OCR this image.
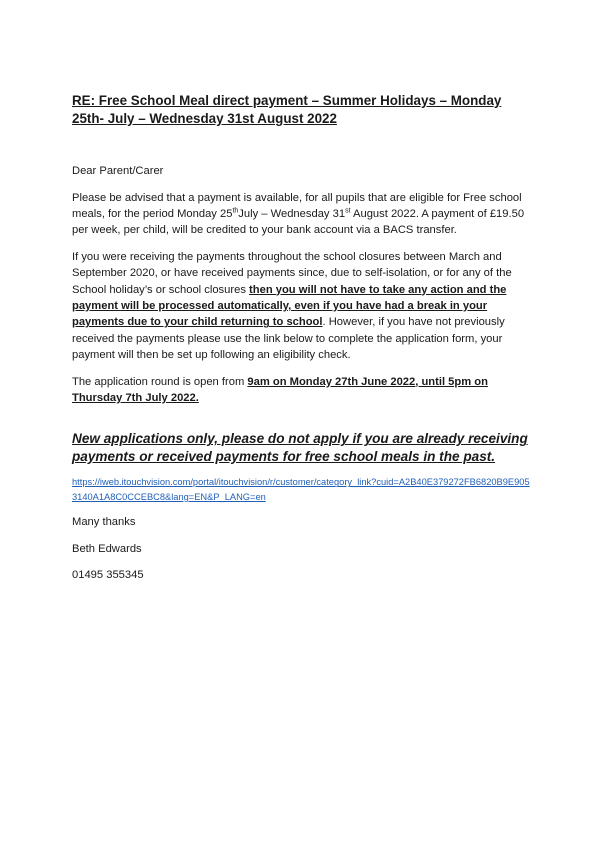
RE: Free School Meal direct payment – Summer Holidays – Monday 25th- July – Wednesday 31st August 2022

Dear Parent/Carer

Please be advised that a payment is available, for all pupils that are eligible for Free school meals, for the period Monday 25thJuly – Wednesday 31st August 2022. A payment of £19.50 per week, per child, will be credited to your bank account via a BACS transfer.

If you were receiving the payments throughout the school closures between March and September 2020, or have received payments since, due to self-isolation, or for any of the School holiday’s or school closures then you will not have to take any action and the payment will be processed automatically, even if you have had a break in your payments due to your child returning to school. However, if you have not previously received the payments please use the link below to complete the application form, your payment will then be set up following an eligibility check.

The application round is open from 9am on Monday 27th June 2022, until 5pm on Thursday 7th July 2022.

New applications only, please do not apply if you are already receiving payments or received payments for free school meals in the past.

https://iweb.itouchvision.com/portal/itouchvision/r/customer/category_link?cuid=A2B40E379272FB6820B9E9053140A1A8C0CCEBC8&lang=EN&P_LANG=en

Many thanks

Beth Edwards

01495 355345
